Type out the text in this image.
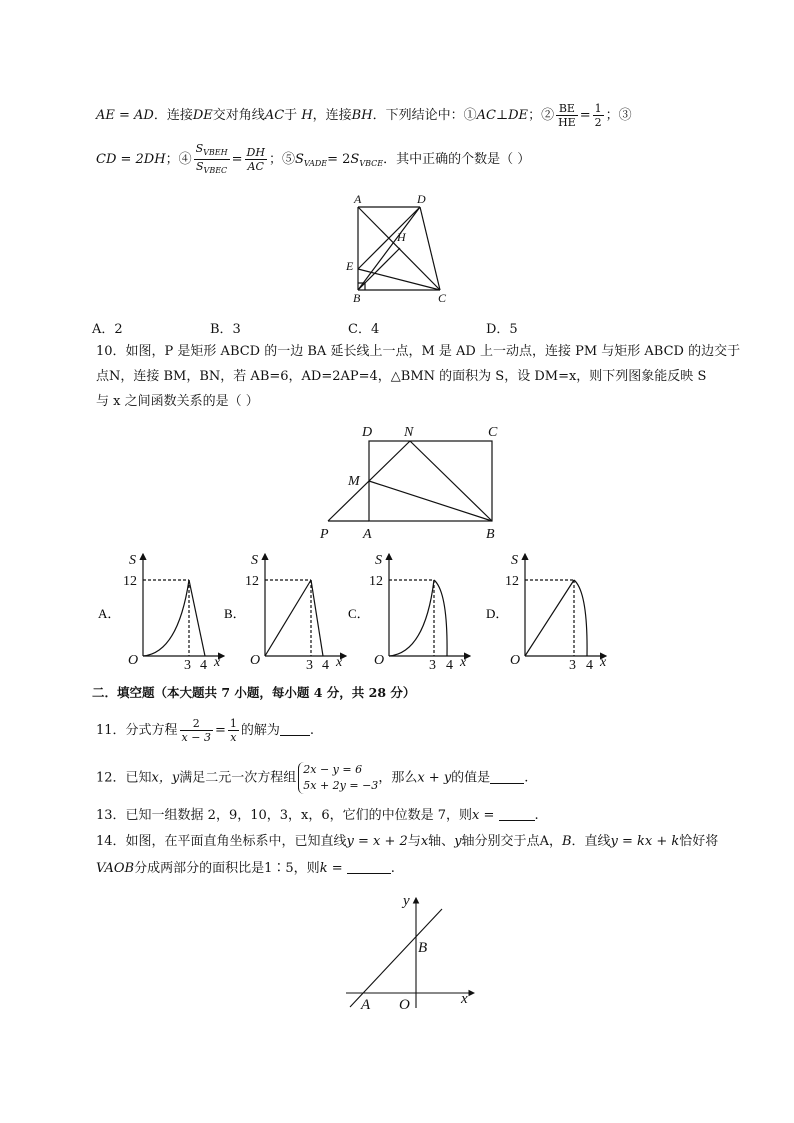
AE = AD．连接DE交对角线AC于 H，连接BH．下列结论中：①AC⊥DE；② $\frac{BE}{HE} = \frac{1}{2}$ ；③
CD = 2DH；④ $\frac{S_{VBEH}}{S_{VBEC}} = \frac{DH}{AC}$ ；$⑤S_{VADE}= 2S_{VBCE}$．其中正确的个数是（ ）
A	D
H
E
B	C
A．2	B．3	C．4	D．5
10．如图，P 是矩形 ABCD 的一边 BA 延长线上一点，M 是 AD 上一动点，连接 PM 与矩形 ABCD 的边交于
点N，连接 BM，BN，若 AB=6，AD=2AP=4，△BMN 的面积为 S，设 DM=x，则下列图象能反映 S
与 x 之间函数关系的是（ ）
D N	C
M
P A	B
A．
S
12
O	3 4 x
B．
S
12
O	3 4 x
C．
S
12
O	3 4 x
D．
S
12
O	3 4 x
二．填空题（本大题共 7 小题，每小题 4 分，共 28 分）
11．分式方程 $\frac{2}{x - 3} = \frac{1}{x}$ 的解为 .
12．已知x，y满足二元一次方程组
2x − y = 6
5x + 2y = −3 ，那么x + y的值是	.
13．已知一组数据 2，9，10，3，x，6，它们的中位数是 7，则x =	.
14．如图，在平面直角坐标系中，已知直线y = x + 2与x轴、y轴分别交于点A，B．直线y = kx + k恰好将
VAOB分成两部分的面积比是1∶5，则k =	.
y
B
A O	x
